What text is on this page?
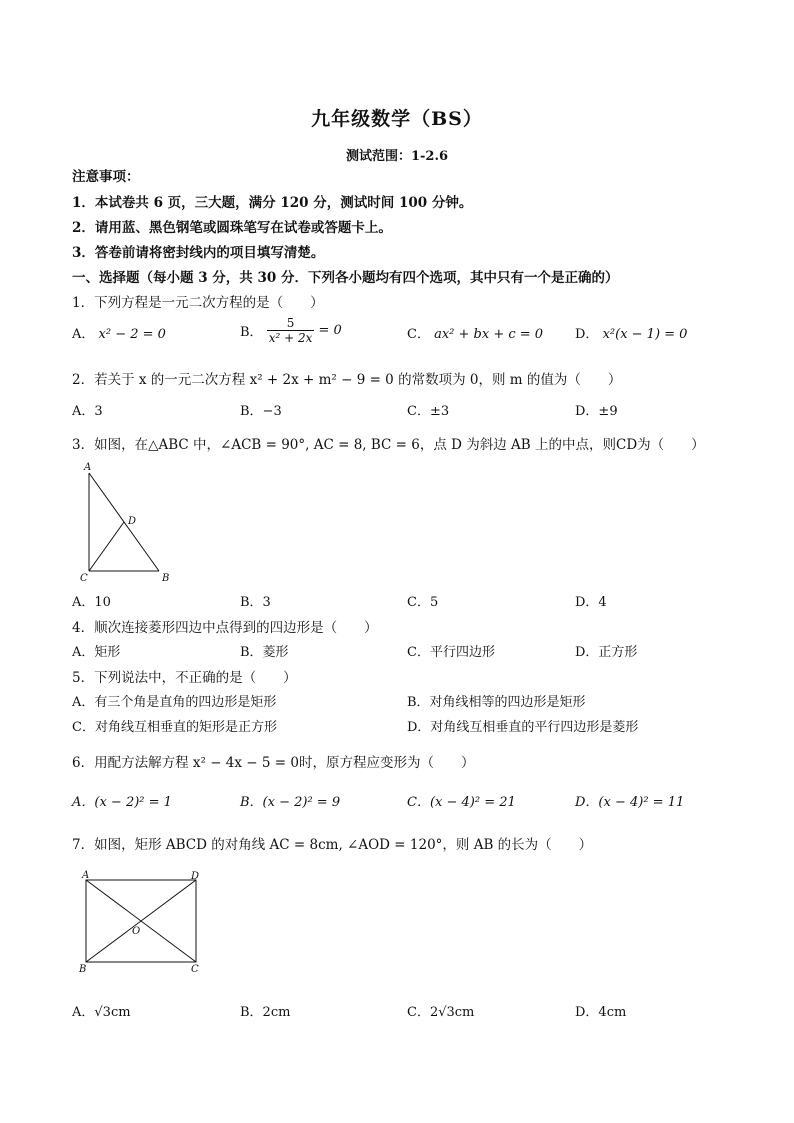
九年级数学（BS）
测试范围：1-2.6
注意事项：
1．本试卷共 6 页，三大题，满分 120 分，测试时间 100 分钟。
2．请用蓝、黑色钢笔或圆珠笔写在试卷或答题卡上。
3．答卷前请将密封线内的项目填写清楚。
一、选择题（每小题 3 分，共 30 分．下列各小题均有四个选项，其中只有一个是正确的）
1．下列方程是一元二次方程的是（　　）
A． x² − 2 = 0	B． $\frac{5}{\text{x² + 2x}} = 0$	C． ax² + bx + c = 0 D． x²(x − 1) = 0
2．若关于 x 的一元二次方程 x² + 2x + m² − 9 = 0 的常数项为 0，则 m 的值为（　　）
A．3	B．−3	C．±3	D．±9
3．如图，在△ABC 中，∠ACB = 90°, AC = 8, BC = 6，点 D 为斜边 AB 上的中点，则CD为（　　）
A
D
C	B
A．10	B．3	C．5	D．4
4．顺次连接菱形四边中点得到的四边形是（　　）
A．矩形	B．菱形	C．平行四边形	D．正方形
5．下列说法中，不正确的是（　　）
A．有三个角是直角的四边形是矩形	B．对角线相等的四边形是矩形
C．对角线互相垂直的矩形是正方形	D．对角线互相垂直的平行四边形是菱形
6．用配方法解方程 x² − 4x − 5 = 0时，原方程应变形为（　　）
A．(x − 2)² = 1	B．(x − 2)² = 9	C．(x − 4)² = 21	D．(x − 4)² = 11
7．如图，矩形 ABCD 的对角线 AC = 8cm, ∠AOD = 120°，则 AB 的长为（　　）
A	D
O
B	C
A．√3cm	B．2cm	C．2√3cm	D．4cm
